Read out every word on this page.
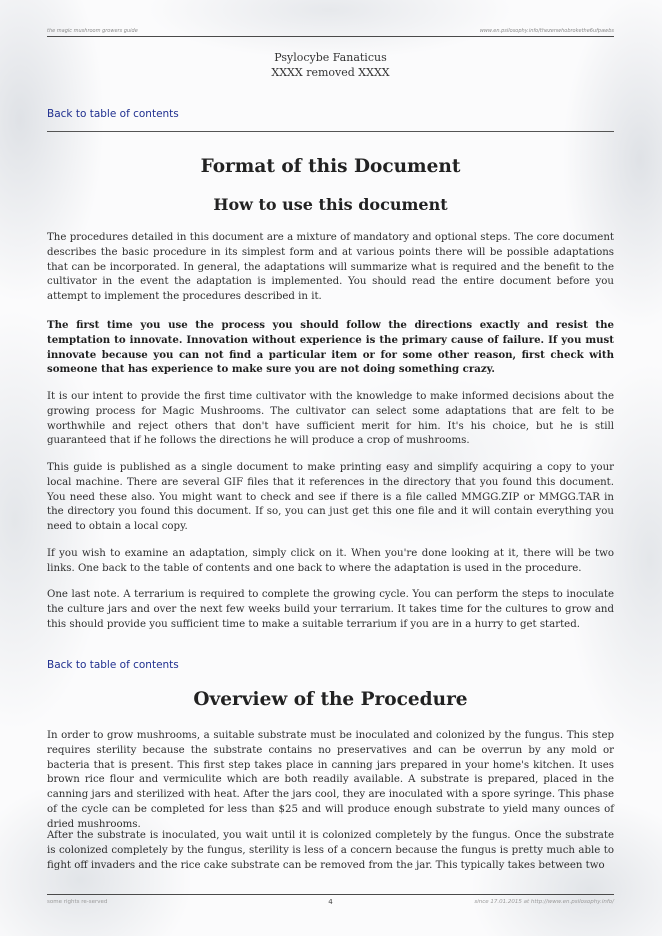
the magic mushroom growers guide	www.en.psilosophy.info/thezenwhobrokethe6ufpawbs
Psylocybe Fanaticus
XXXX removed XXXX
Back to table of contents
Format of this Document
How to use this document

The procedures detailed in this document are a mixture of mandatory and optional steps. The core document describes the basic procedure in its simplest form and at various points there will be possible adaptations that can be incorporated. In general, the adaptations will summarize what is required and the benefit to the cultivator in the event the adaptation is implemented. You should read the entire document before you attempt to implement the procedures described in it.

The first time you use the process you should follow the directions exactly and resist the temptation to innovate. Innovation without experience is the primary cause of failure. If you must innovate because you can not find a particular item or for some other reason, first check with someone that has experience to make sure you are not doing something crazy.

It is our intent to provide the first time cultivator with the knowledge to make informed decisions about the growing process for Magic Mushrooms. The cultivator can select some adaptations that are felt to be worthwhile and reject others that don't have sufficient merit for him. It's his choice, but he is still guaranteed that if he follows the directions he will produce a crop of mushrooms.

This guide is published as a single document to make printing easy and simplify acquiring a copy to your local machine. There are several GIF files that it references in the directory that you found this document. You need these also. You might want to check and see if there is a file called MMGG.ZIP or MMGG.TAR in the directory you found this document. If so, you can just get this one file and it will contain everything you need to obtain a local copy.

If you wish to examine an adaptation, simply click on it. When you're done looking at it, there will be two links. One back to the table of contents and one back to where the adaptation is used in the procedure.

One last note. A terrarium is required to complete the growing cycle. You can perform the steps to inoculate the culture jars and over the next few weeks build your terrarium. It takes time for the cultures to grow and this should provide you sufficient time to make a suitable terrarium if you are in a hurry to get started.

Back to table of contents
Overview of the Procedure

In order to grow mushrooms, a suitable substrate must be inoculated and colonized by the fungus. This step requires sterility because the substrate contains no preservatives and can be overrun by any mold or bacteria that is present. This first step takes place in canning jars prepared in your home's kitchen. It uses brown rice flour and vermiculite which are both readily available. A substrate is prepared, placed in the canning jars and sterilized with heat. After the jars cool, they are inoculated with a spore syringe. This phase of the cycle can be completed for less than $25 and will produce enough substrate to yield many ounces of dried mushrooms.

After the substrate is inoculated, you wait until it is colonized completely by the fungus. Once the substrate is colonized completely by the fungus, sterility is less of a concern because the fungus is pretty much able to fight off invaders and the rice cake substrate can be removed from the jar. This typically takes between two

some rights re-served	4	since 17.01.2015 at http://www.en.psilosophy.info/
